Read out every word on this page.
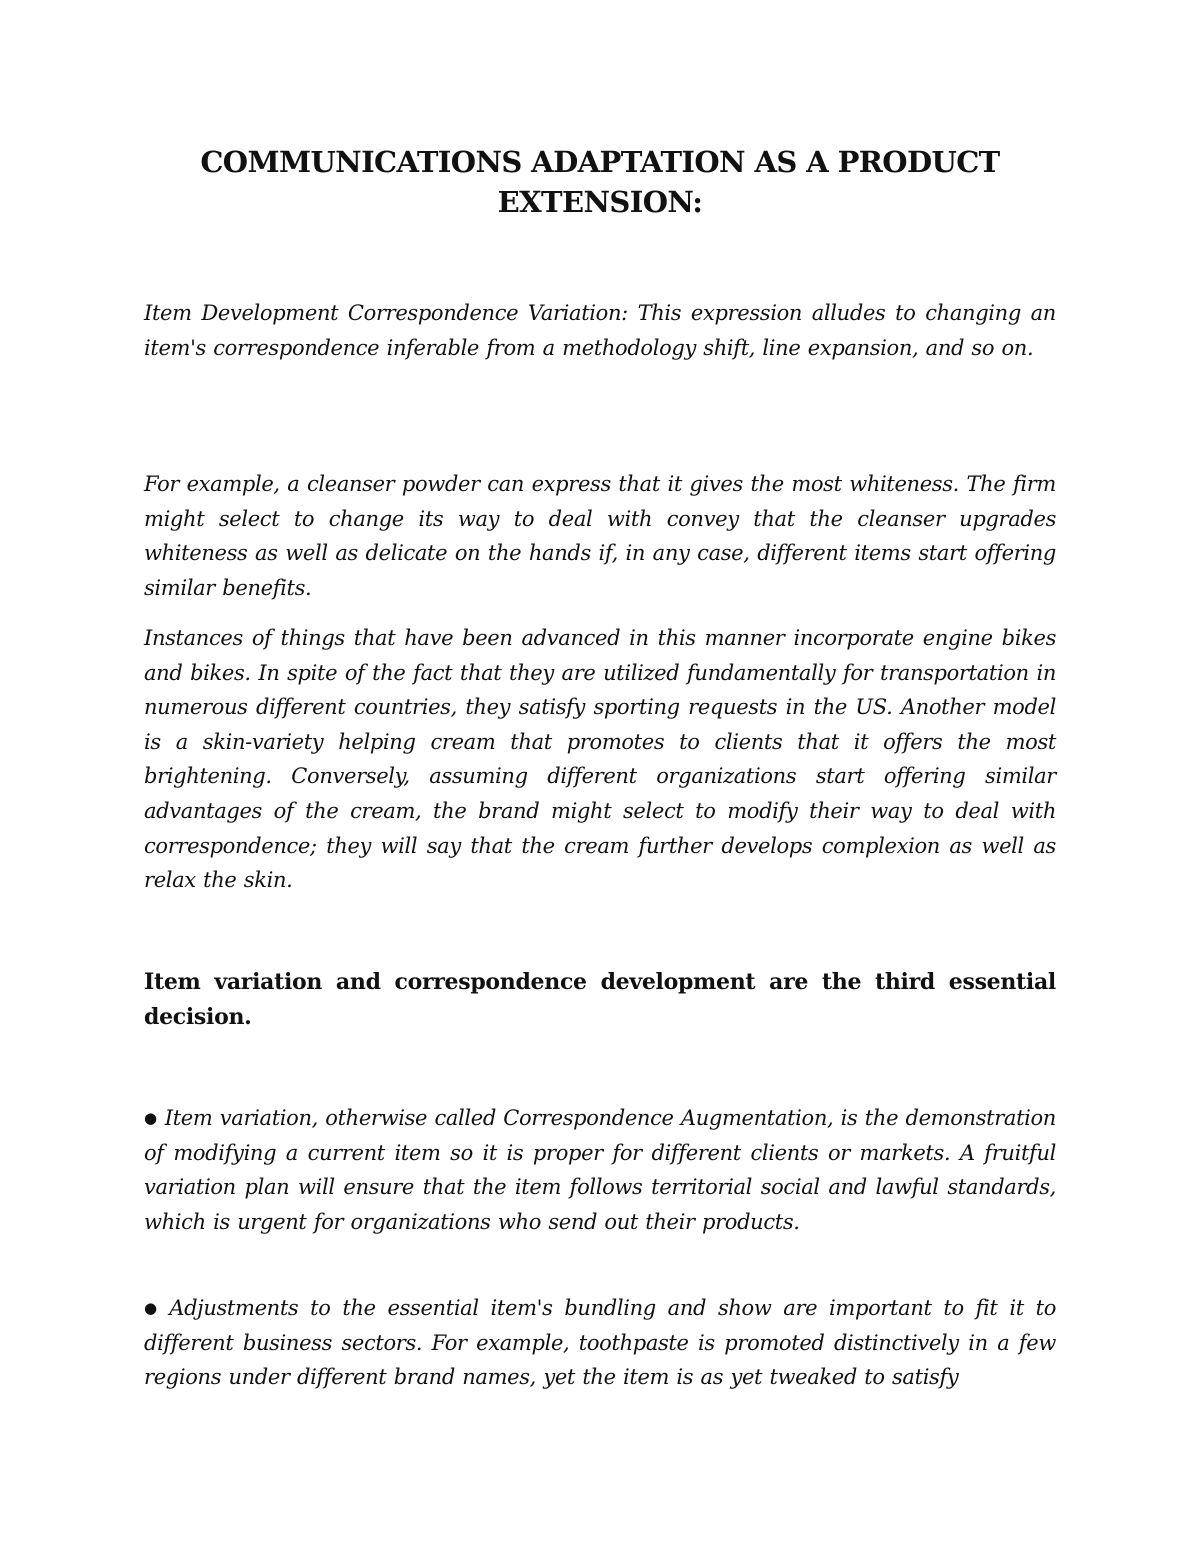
COMMUNICATIONS ADAPTATION AS A PRODUCT
EXTENSION:

Item Development Correspondence Variation: This expression alludes to changing an item's correspondence inferable from a methodology shift, line expansion, and so on.

For example, a cleanser powder can express that it gives the most whiteness. The firm might select to change its way to deal with convey that the cleanser upgrades whiteness as well as delicate on the hands if, in any case, different items start offering similar benefits.

Instances of things that have been advanced in this manner incorporate engine bikes and bikes. In spite of the fact that they are utilized fundamentally for transportation in numerous different countries, they satisfy sporting requests in the US. Another model is a skin-variety helping cream that promotes to clients that it offers the most brightening. Conversely, assuming different organizations start offering similar advantages of the cream, the brand might select to modify their way to deal with correspondence; they will say that the cream further develops complexion as well as relax the skin.

Item variation and correspondence development are the third essential decision.

● Item variation, otherwise called Correspondence Augmentation, is the demonstration of modifying a current item so it is proper for different clients or markets. A fruitful variation plan will ensure that the item follows territorial social and lawful standards, which is urgent for organizations who send out their products.

● Adjustments to the essential item's bundling and show are important to fit it to different business sectors. For example, toothpaste is promoted distinctively in a few regions under different brand names, yet the item is as yet tweaked to satisfy
